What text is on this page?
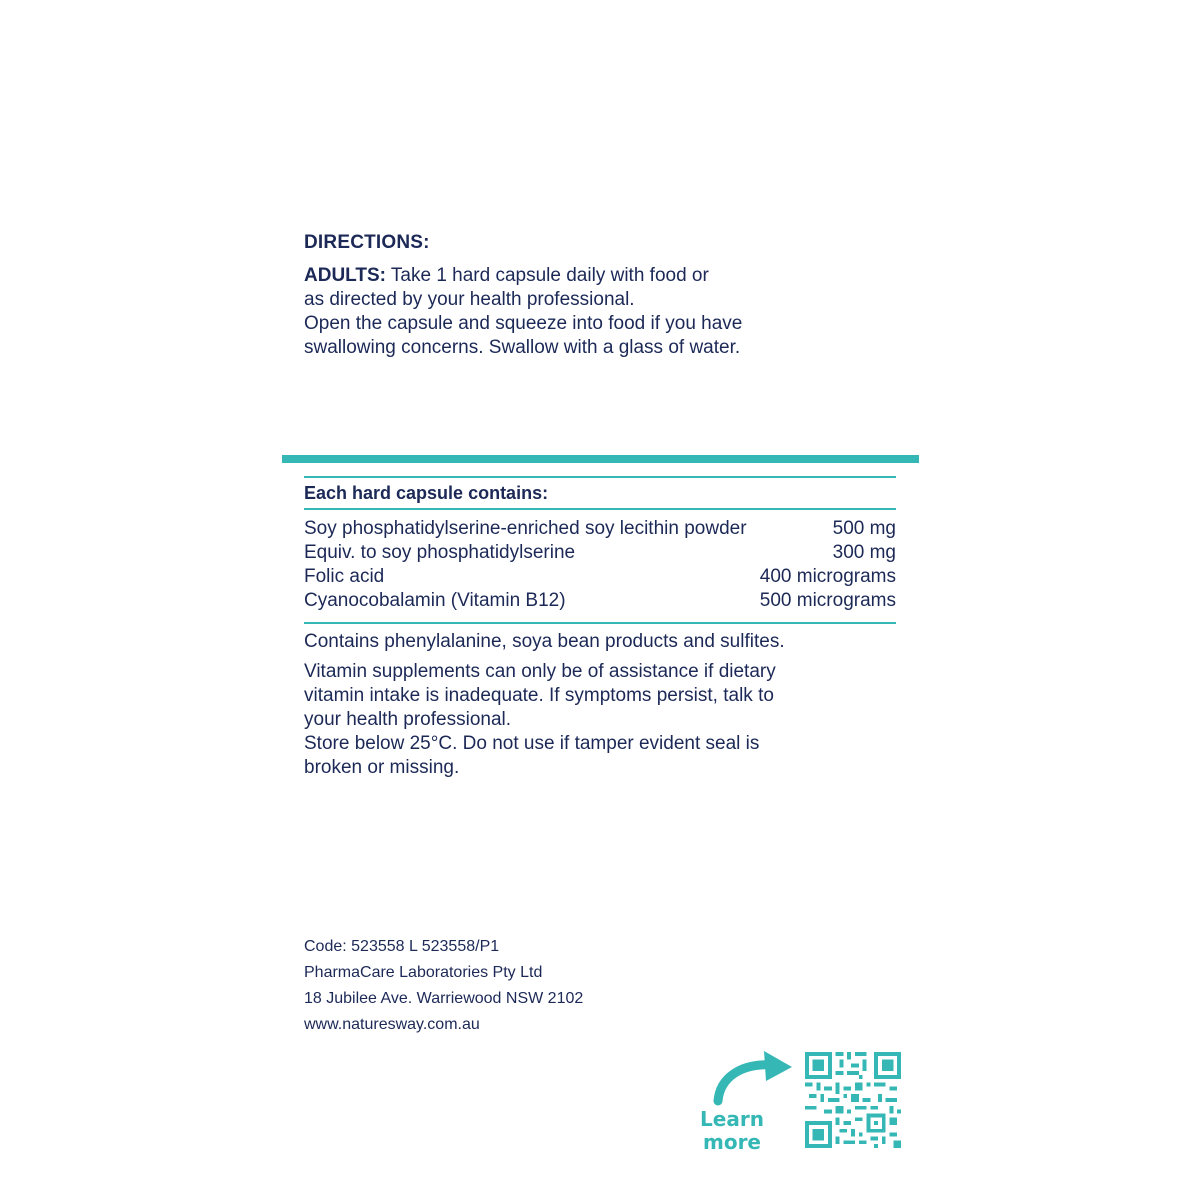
DIRECTIONS:

ADULTS: Take 1 hard capsule daily with food or

as directed by your health professional.

Open the capsule and squeeze into food if you have

swallowing concerns. Swallow with a glass of water.

Each hard capsule contains:
Soy phosphatidylserine-enriched soy lecithin powder	500 mg
Equiv. to soy phosphatidylserine	300 mg
Folic acid	400 micrograms
Cyanocobalamin (Vitamin B12)	500 micrograms

Contains phenylalanine, soya bean products and sulfites.

Vitamin supplements can only be of assistance if dietary

vitamin intake is inadequate. If symptoms persist, talk to

your health professional.

Store below 25°C. Do not use if tamper evident seal is

broken or missing.

Code: 523558 L 523558/P1
PharmaCare Laboratories Pty Ltd
18 Jubilee Ave. Warriewood NSW 2102
www.naturesway.com.au
Learn
more
